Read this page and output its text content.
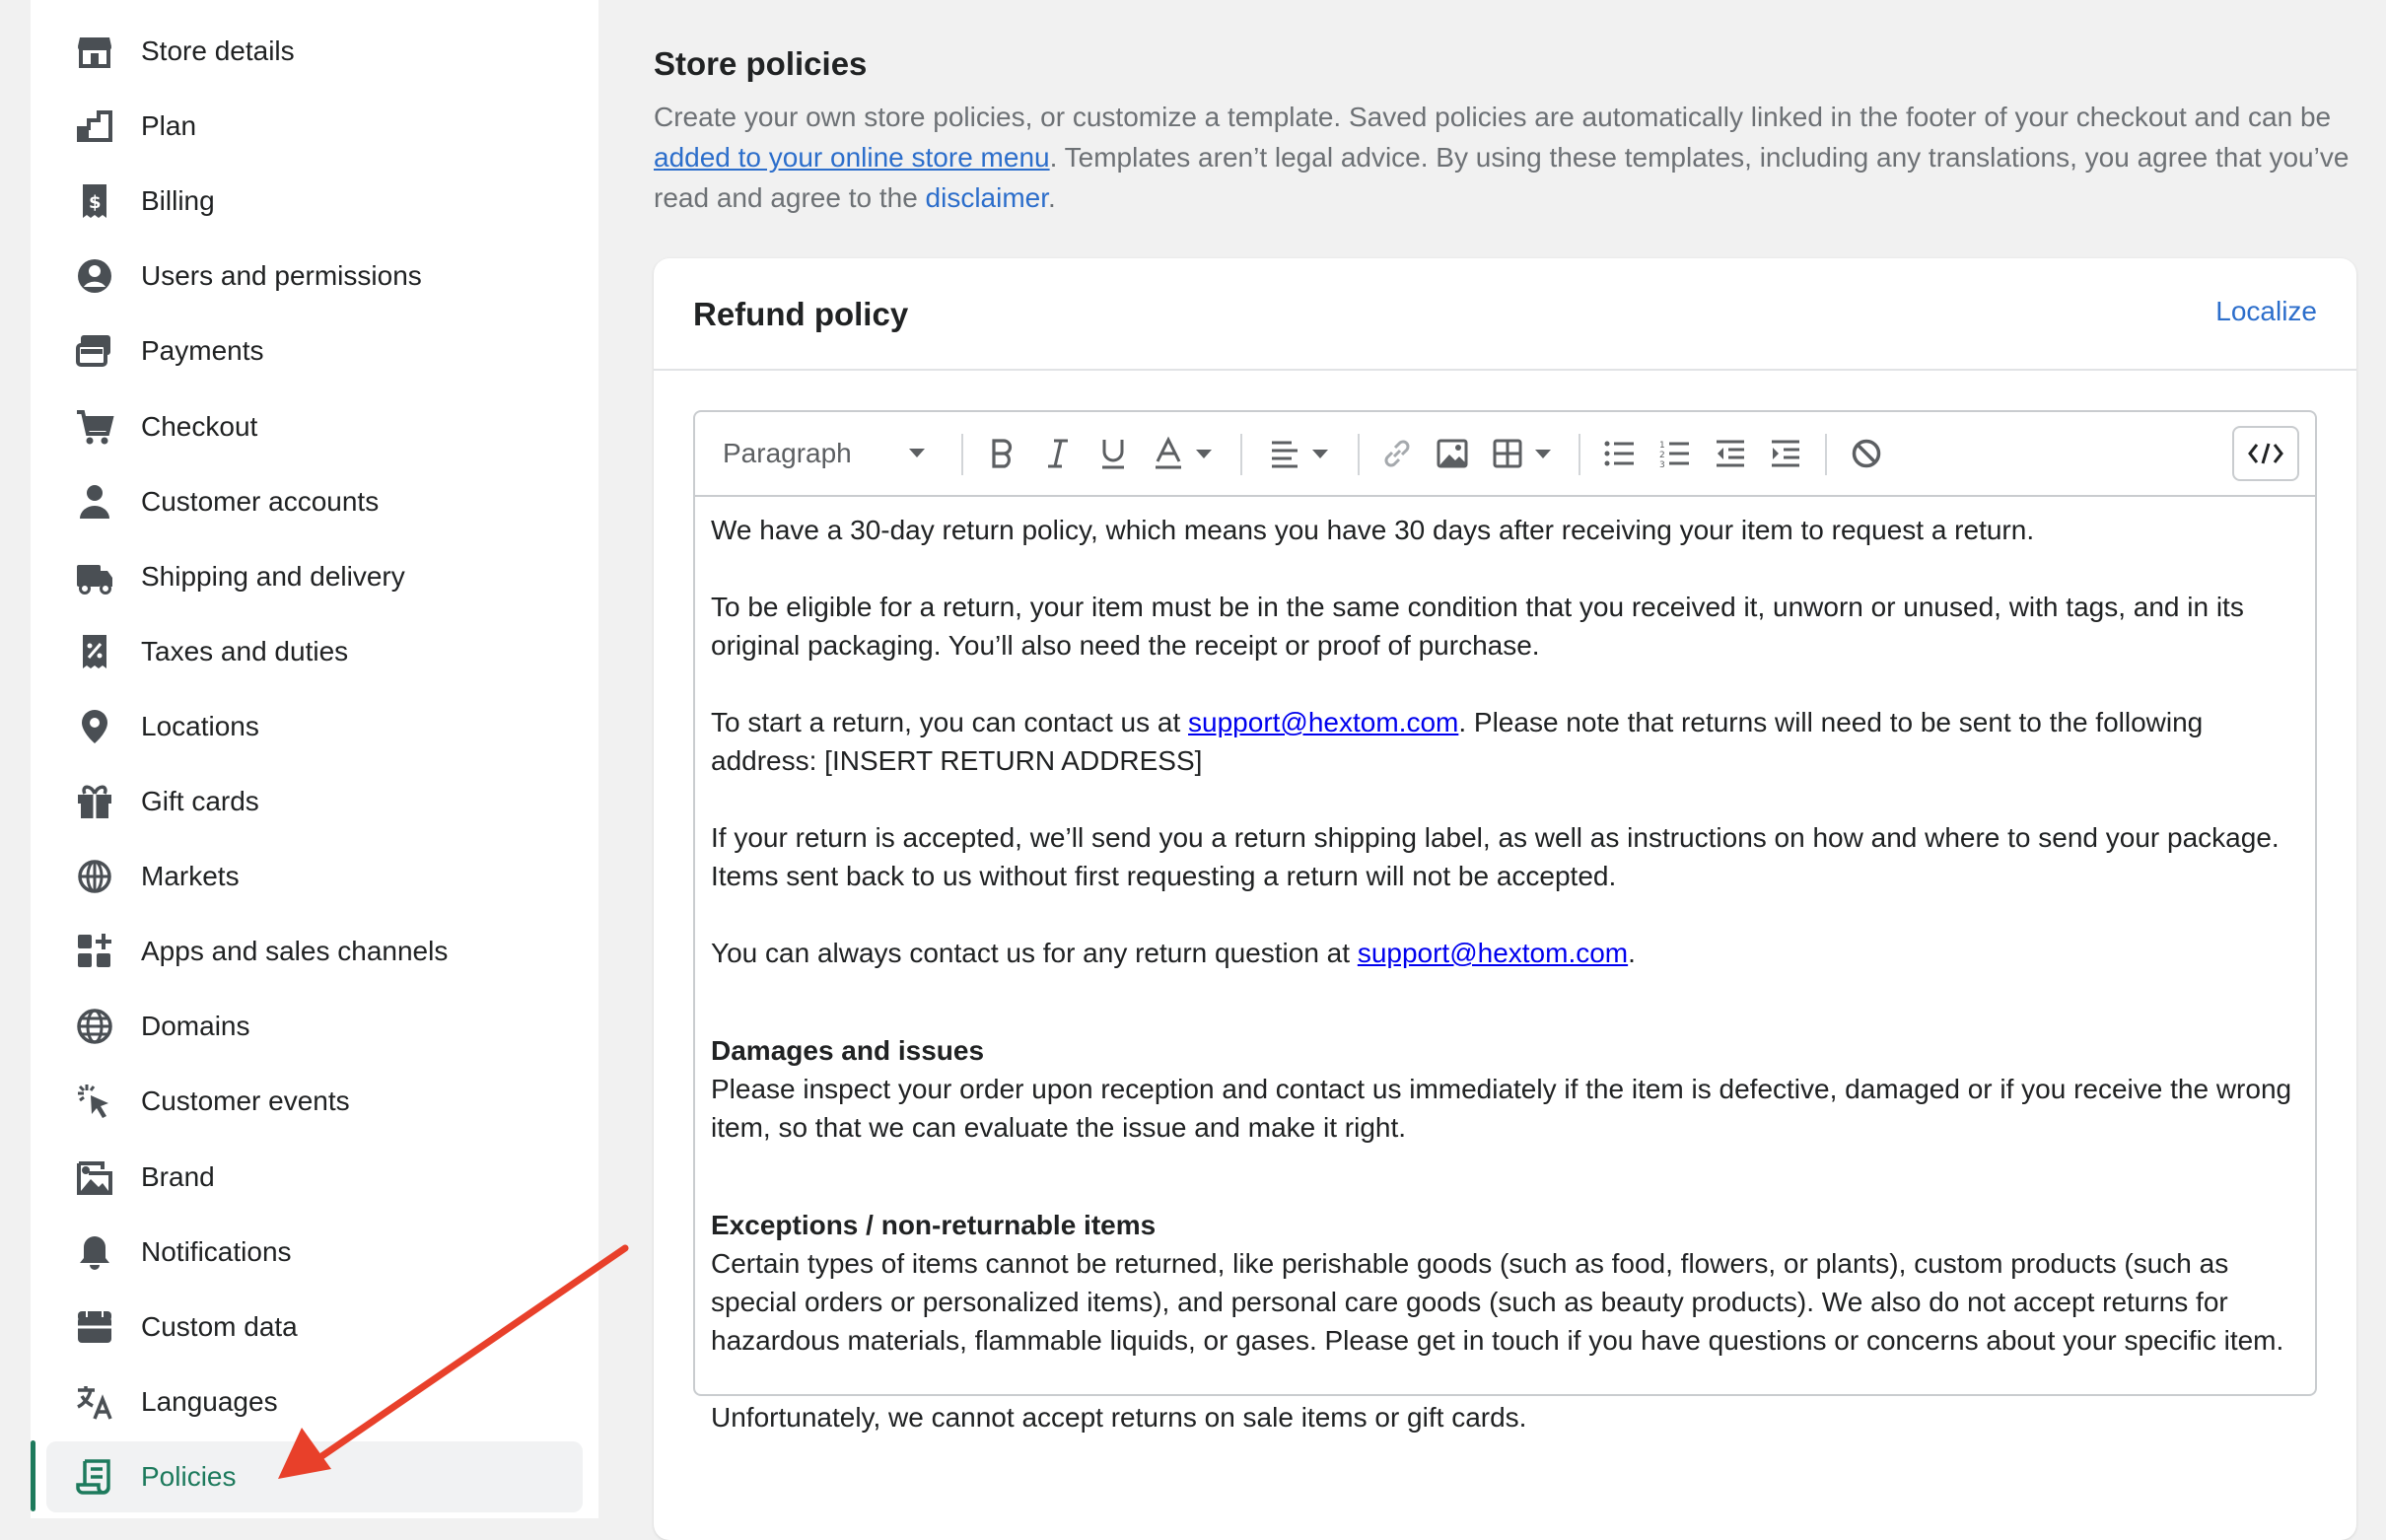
Store details
Plan
$ Billing
Users and permissions
Payments
Checkout
Customer accounts
Shipping and delivery
Taxes and duties
Locations
Gift cards
Markets
Apps and sales channels
Domains
Customer events
Brand
Notifications
Custom data
Languages
Policies
Store policies
Create your own store policies, or customize a template. Saved policies are automatically linked in the footer of your checkout and can be added to your online store menu. Templates aren’t legal advice. By using these templates, including any translations, you agree that you’ve read and agree to the disclaimer.
Refund policy	Localize
Paragraph	1
2
3

We have a 30-day return policy, which means you have 30 days after receiving your item to request a return.

To be eligible for a return, your item must be in the same condition that you received it, unworn or unused, with tags, and in its original packaging. You’ll also need the receipt or proof of purchase.

To start a return, you can contact us at support@hextom.com. Please note that returns will need to be sent to the following address: [INSERT RETURN ADDRESS]

If your return is accepted, we’ll send you a return shipping label, as well as instructions on how and where to send your package. Items sent back to us without first requesting a return will not be accepted.

You can always contact us for any return question at support@hextom.com.

Damages and issues
Please inspect your order upon reception and contact us immediately if the item is defective, damaged or if you receive the wrong item, so that we can evaluate the issue and make it right.

Exceptions / non-returnable items
Certain types of items cannot be returned, like perishable goods (such as food, flowers, or plants), custom products (such as special orders or personalized items), and personal care goods (such as beauty products). We also do not accept returns for hazardous materials, flammable liquids, or gases. Please get in touch if you have questions or concerns about your specific item.

Unfortunately, we cannot accept returns on sale items or gift cards.
